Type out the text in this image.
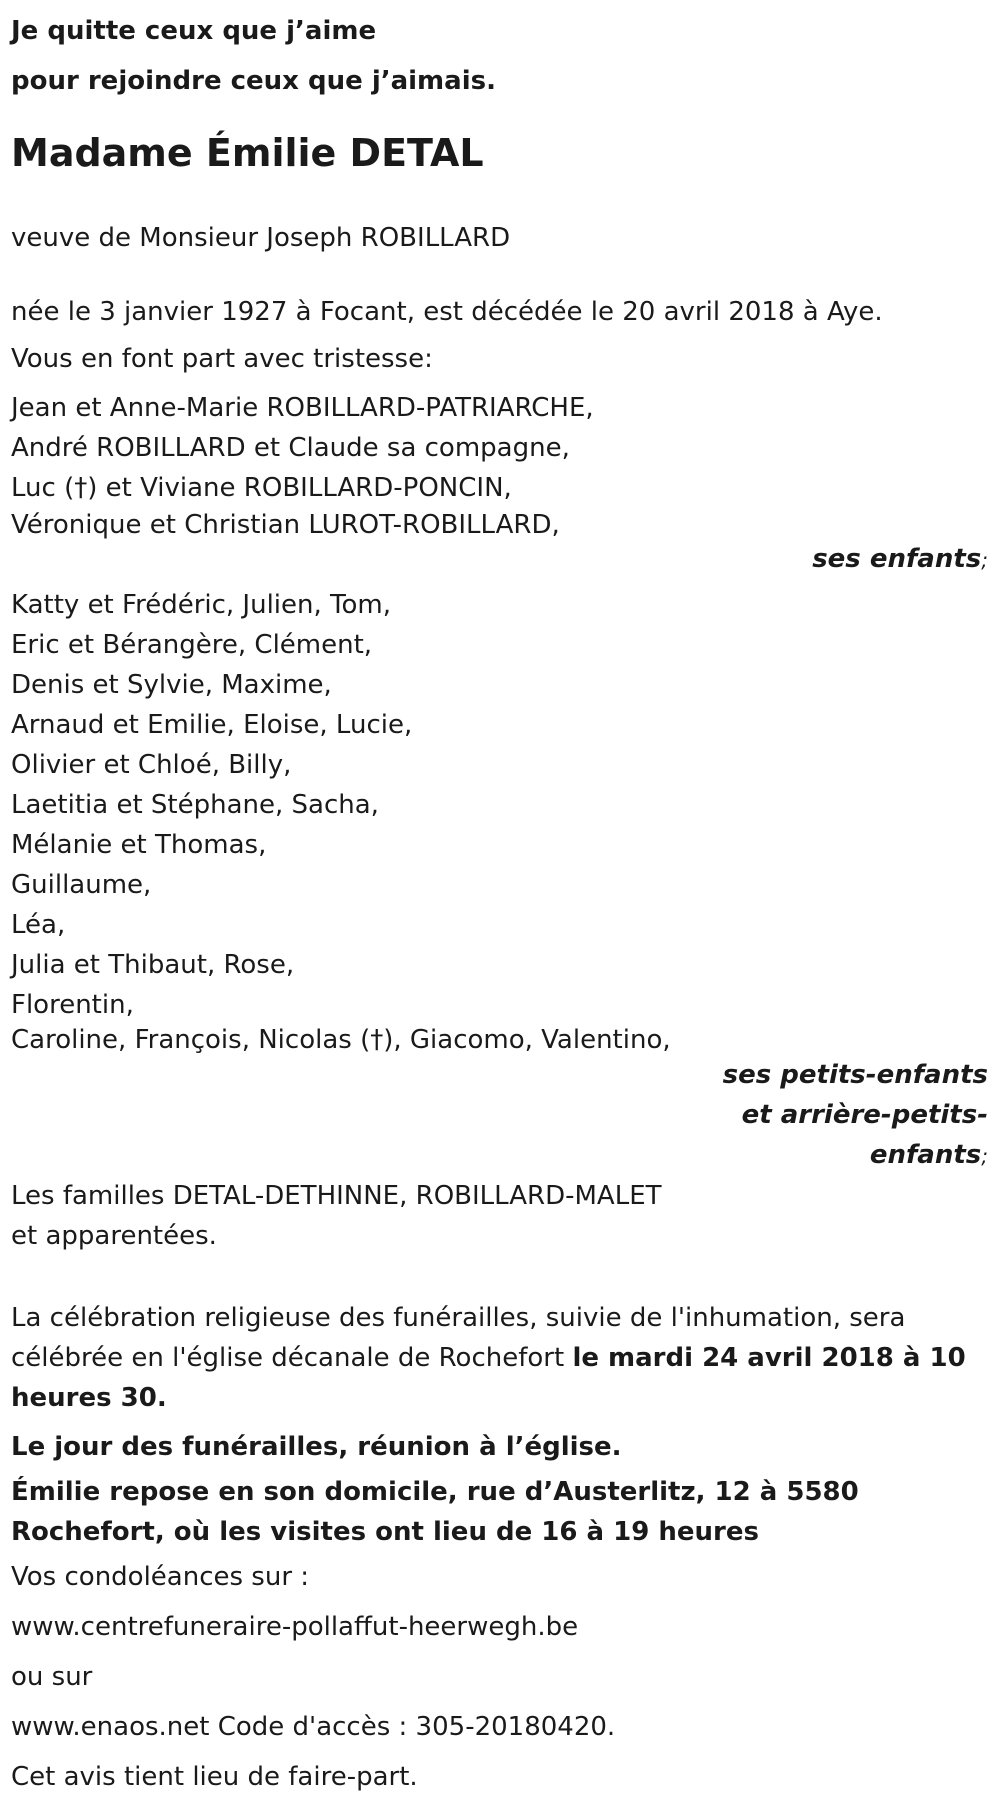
Je quitte ceux que j’aime

pour rejoindre ceux que j’aimais.

Madame Émilie DETAL

veuve de Monsieur Joseph ROBILLARD

née le 3 janvier 1927 à Focant, est décédée le 20 avril 2018 à Aye.

Vous en font part avec tristesse:

Jean et Anne-Marie ROBILLARD-PATRIARCHE,

André ROBILLARD et Claude sa compagne,

Luc (†) et Viviane ROBILLARD-PONCIN,

Véronique et Christian LUROT-ROBILLARD,

ses enfants;

Katty et Frédéric, Julien, Tom,

Eric et Bérangère, Clément,

Denis et Sylvie, Maxime,

Arnaud et Emilie, Eloise, Lucie,

Olivier et Chloé, Billy,

Laetitia et Stéphane, Sacha,

Mélanie et Thomas,

Guillaume,

Léa,

Julia et Thibaut, Rose,

Florentin,

Caroline, François, Nicolas (†), Giacomo, Valentino,

ses petits-enfants

et arrière-petits-

enfants;

Les familles DETAL-DETHINNE, ROBILLARD-MALET

et apparentées.

La célébration religieuse des funérailles, suivie de l'inhumation, sera célébrée en l'église décanale de Rochefort le mardi 24 avril 2018 à 10 heures 30.

Le jour des funérailles, réunion à l’église.

Émilie repose en son domicile, rue d’Austerlitz, 12 à 5580 Rochefort, où les visites ont lieu de 16 à 19 heures

Vos condoléances sur :

www.centrefuneraire-pollaffut-heerwegh.be

ou sur

www.enaos.net Code d'accès : 305-20180420.

Cet avis tient lieu de faire-part.
